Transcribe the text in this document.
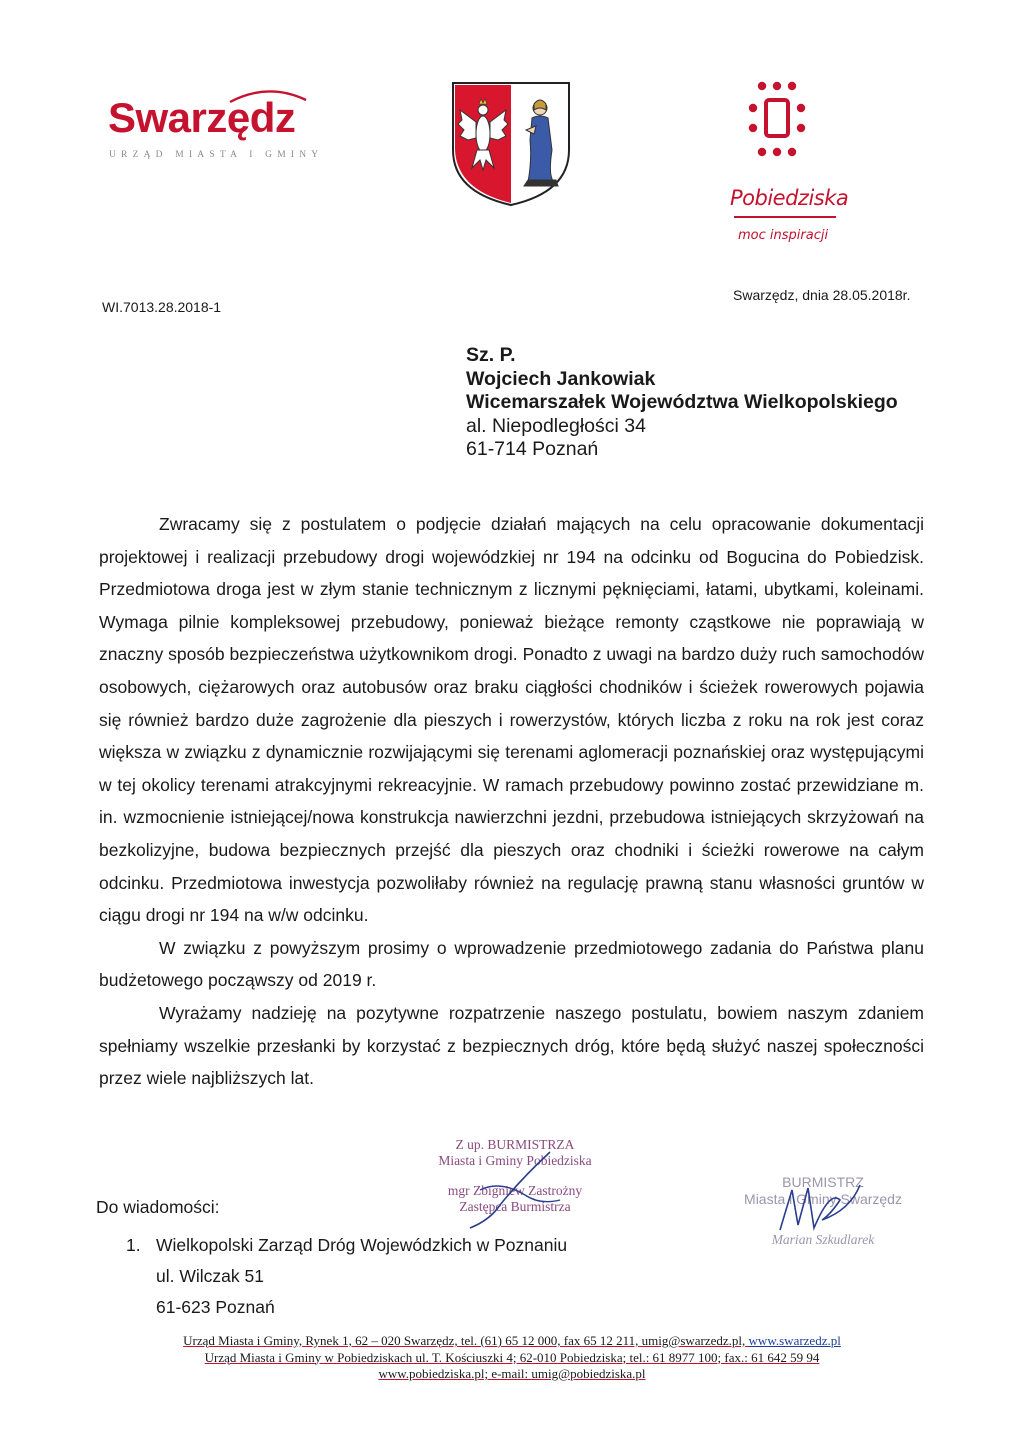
Swarzędz
URZĄD MIASTA I GMINY
Pobiedziska
moc inspiracji
WI.7013.28.2018-1
Swarzędz, dnia 28.05.2018r.
Sz. P.
Wojciech Jankowiak
Wicemarszałek Województwa Wielkopolskiego
al. Niepodległości 34
61-714 Poznań

Zwracamy się z postulatem o podjęcie działań mających na celu opracowanie dokumentacji projektowej i realizacji przebudowy drogi wojewódzkiej nr 194 na odcinku od Bogucina do Pobiedzisk. Przedmiotowa droga jest w złym stanie technicznym z licznymi pęknięciami, łatami, ubytkami, koleinami. Wymaga pilnie kompleksowej przebudowy, ponieważ bieżące remonty cząstkowe nie poprawiają w znaczny sposób bezpieczeństwa użytkownikom drogi. Ponadto z uwagi na bardzo duży ruch samochodów osobowych, ciężarowych oraz autobusów oraz braku ciągłości chodników i ścieżek rowerowych pojawia się również bardzo duże zagrożenie dla pieszych i rowerzystów, których liczba z roku na rok jest coraz większa w związku z dynamicznie rozwijającymi się terenami aglomeracji poznańskiej oraz występującymi w tej okolicy terenami atrakcyjnymi rekreacyjnie. W ramach przebudowy powinno zostać przewidziane m. in. wzmocnienie istniejącej/nowa konstrukcja nawierzchni jezdni, przebudowa istniejących skrzyżowań na bezkolizyjne, budowa bezpiecznych przejść dla pieszych oraz chodniki i ścieżki rowerowe na całym odcinku. Przedmiotowa inwestycja pozwoliłaby również na regulację prawną stanu własności gruntów w ciągu drogi nr 194 na w/w odcinku.

W związku z powyższym prosimy o wprowadzenie przedmiotowego zadania do Państwa planu budżetowego począwszy od 2019 r.

Wyrażamy nadzieję na pozytywne rozpatrzenie naszego postulatu, bowiem naszym zdaniem spełniamy wszelkie przesłanki by korzystać z bezpiecznych dróg, które będą służyć naszej społeczności przez wiele najbliższych lat.

Z up. BURMISTRZA
Miasta i Gminy Pobiedziska
mgr Zbigniew Zastrożny
Zastępca Burmistrza
BURMISTRZ
Miasta i Gminy Swarzędz
Marian Szkudlarek
Do wiadomości:
1. Wielkopolski Zarząd Dróg Wojewódzkich w Poznaniu
ul. Wilczak 51
61-623 Poznań
Urząd Miasta i Gminy, Rynek 1, 62 – 020 Swarzędz, tel. (61) 65 12 000, fax 65 12 211, umig@swarzedz.pl, www.swarzedz.pl
Urząd Miasta i Gminy w Pobiedziskach ul. T. Kościuszki 4; 62-010 Pobiedziska; tel.: 61 8977 100; fax.: 61 642 59 94
www.pobiedziska.pl; e-mail: umig@pobiedziska.pl
